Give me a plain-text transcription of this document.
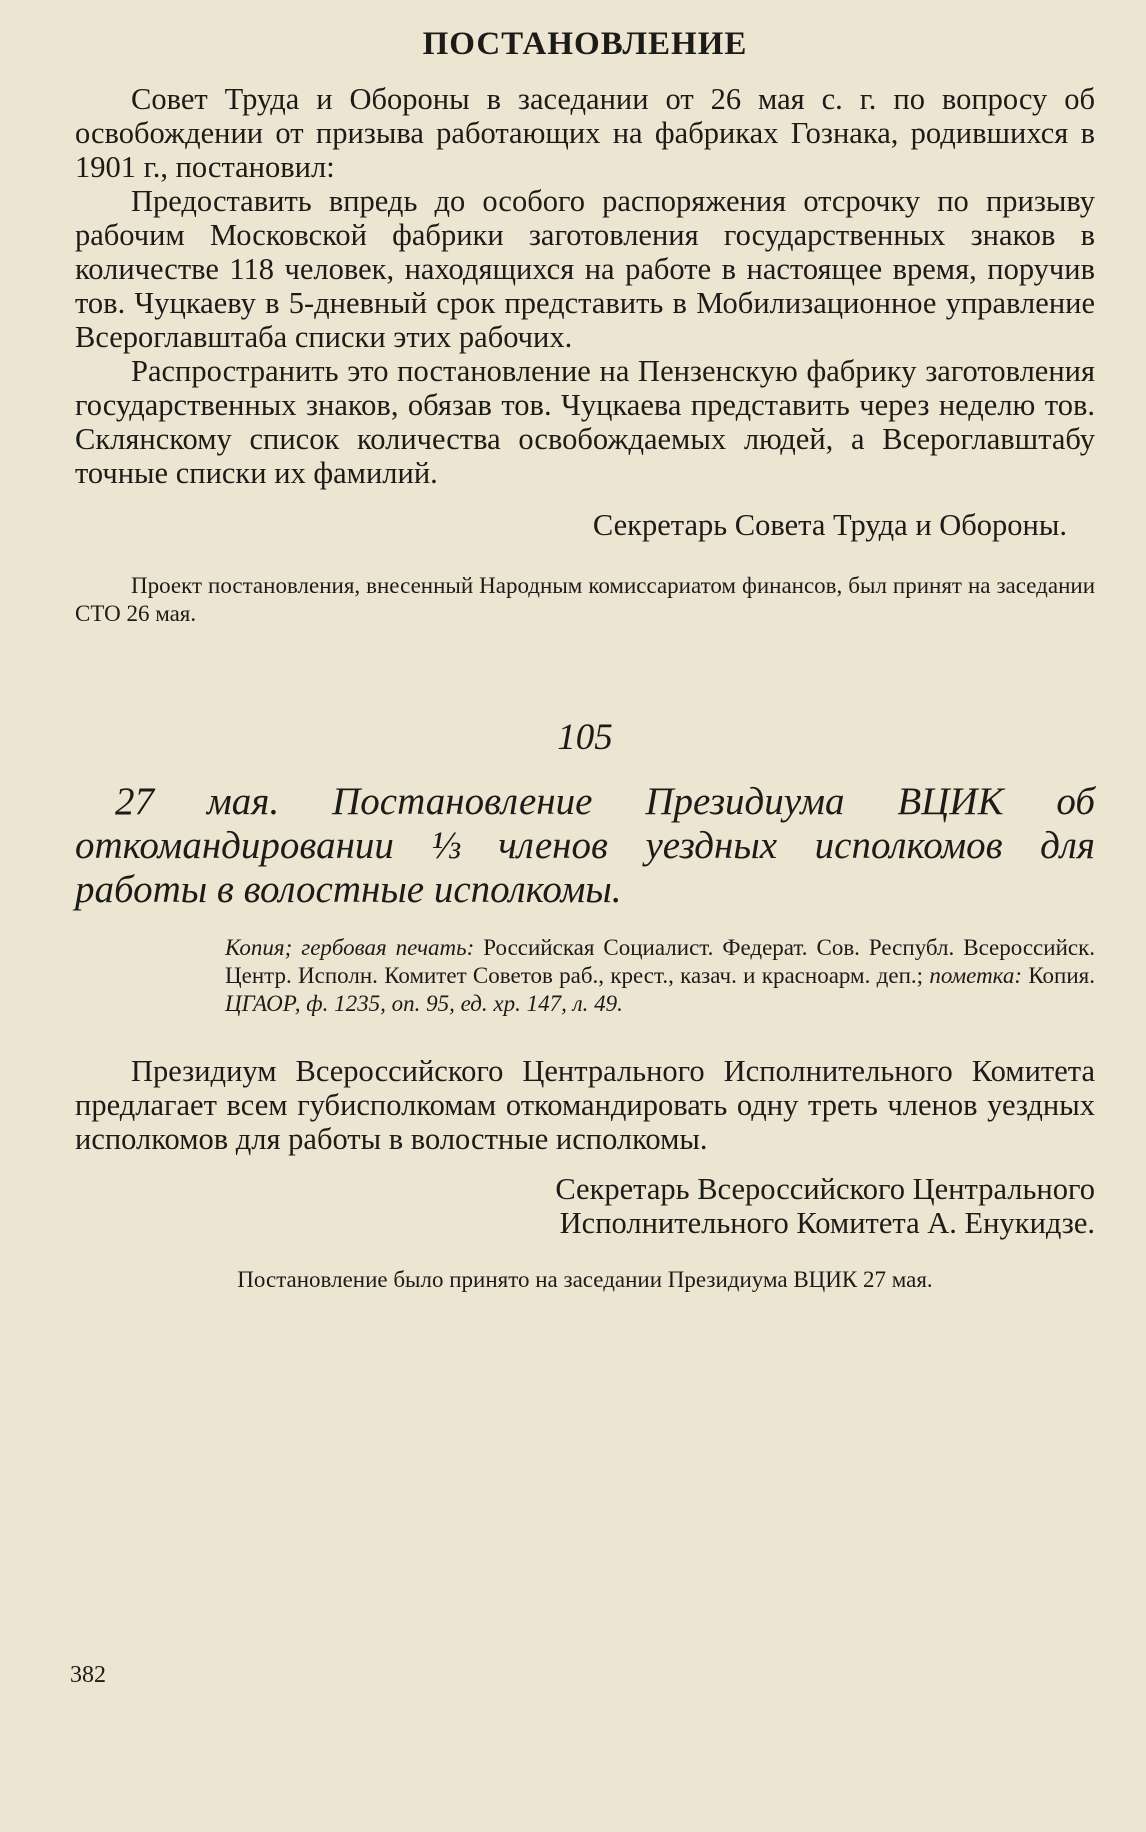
ПОСТАНОВЛЕНИЕ

Совет Труда и Обороны в заседании от 26 мая с. г. по вопросу об освобождении от призыва работающих на фабриках Гознака, родившихся в 1901 г., постановил:

Предоставить впредь до особого распоряжения отсрочку по призыву рабочим Московской фабрики заготовления государственных знаков в количестве 118 человек, находящихся на работе в настоящее время, поручив тов. Чуцкаеву в 5-дневный срок представить в Мобилизационное управление Всероглавштаба списки этих рабочих.

Распространить это постановление на Пензенскую фабрику заготовления государственных знаков, обязав тов. Чуцкаева представить через неделю тов. Склянскому список количества освобождаемых людей, а Всероглавштабу точные списки их фамилий.

Секретарь Совета Труда и Обороны.

Проект постановления, внесенный Народным комиссариатом финансов, был принят на заседании СТО 26 мая.

105

27 мая. Постановление Президиума ВЦИК об откомандировании ⅓ членов уездных исполкомов для работы в волостные исполкомы.

Копия; гербовая печать: Российская Социалист. Федерат. Сов. Республ. Всероссийск. Центр. Исполн. Комитет Советов раб., крест., казач. и красноарм. деп.; пометка: Копия. ЦГАОР, ф. 1235, оп. 95, ед. хр. 147, л. 49.

Президиум Всероссийского Центрального Исполнительного Комитета предлагает всем губисполкомам откомандировать одну треть членов уездных исполкомов для работы в волостные исполкомы.

Секретарь Всероссийского Центрального
Исполнительного Комитета А. Енукидзе.

Постановление было принято на заседании Президиума ВЦИК 27 мая.

382
